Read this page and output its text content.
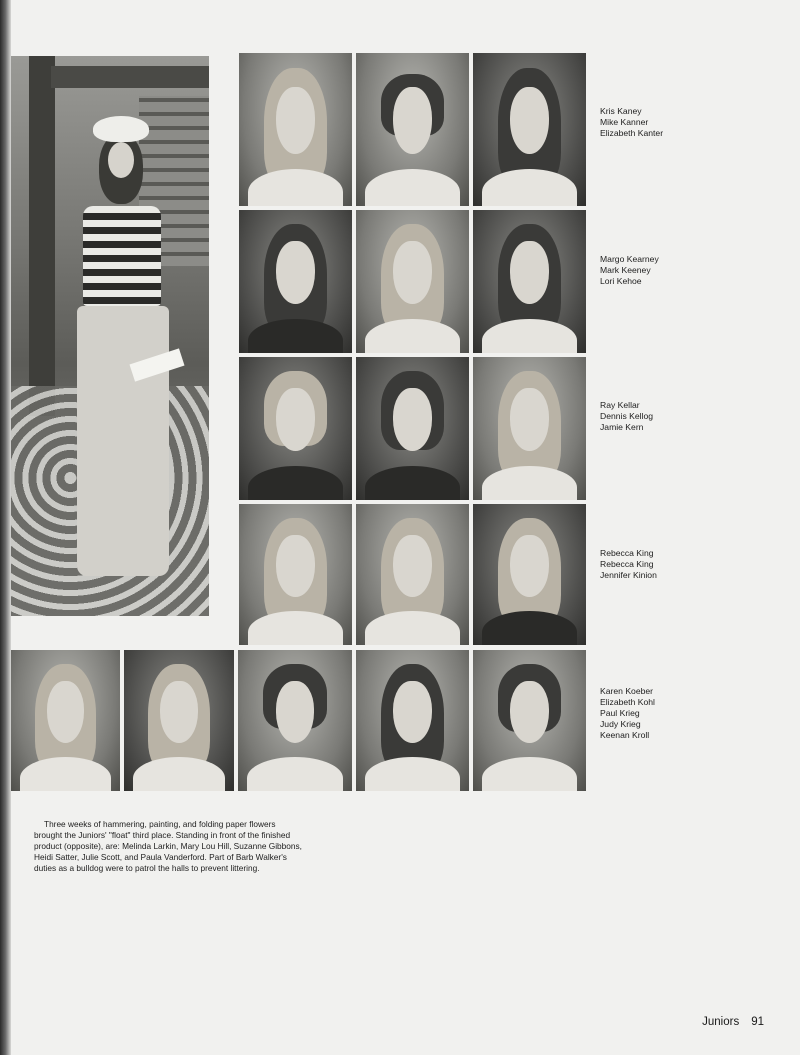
Kris Kaney
Mike Kanner
Elizabeth Kanter
Margo Kearney
Mark Keeney
Lori Kehoe
Ray Kellar
Dennis Kellog
Jamie Kern
Rebecca King
Rebecca King
Jennifer Kinion
Karen Koeber
Elizabeth Kohl
Paul Krieg
Judy Krieg
Keenan Kroll
Three weeks of hammering, painting, and folding paper flowers brought the Juniors' "float" third place. Standing in front of the finished product (opposite), are: Melinda Larkin, Mary Lou Hill, Suzanne Gibbons, Heidi Satter, Julie Scott, and Paula Vanderford. Part of Barb Walker's duties as a bulldog were to patrol the halls to prevent littering.
Juniors 91
